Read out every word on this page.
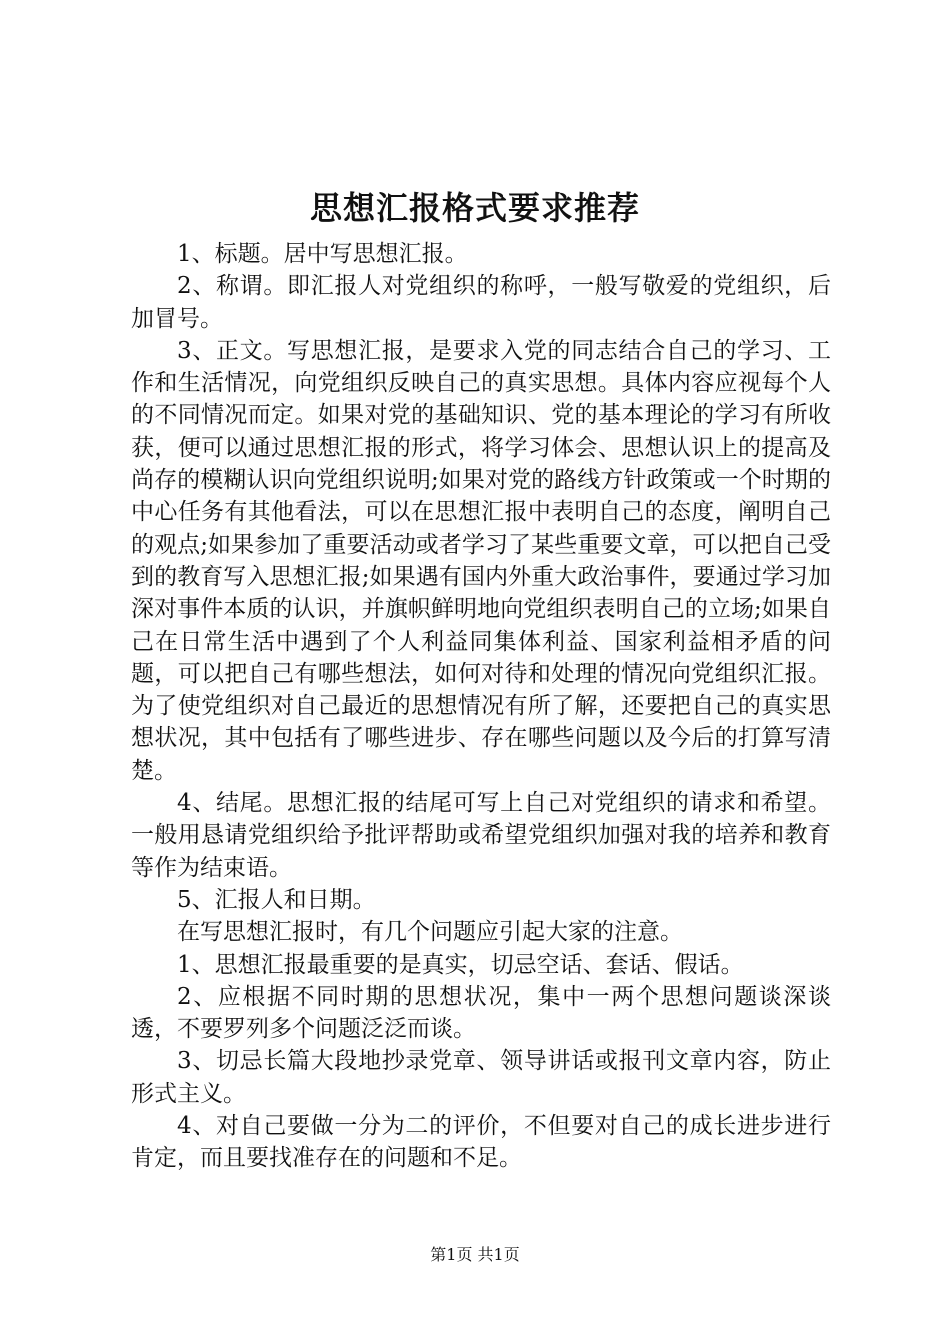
思想汇报格式要求推荐

1、标题。居中写思想汇报。

2、称谓。即汇报人对党组织的称呼，一般写敬爱的党组织，后加冒号。

3、正文。写思想汇报，是要求入党的同志结合自己的学习、工作和生活情况，向党组织反映自己的真实思想。具体内容应视每个人的不同情况而定。如果对党的基础知识、党的基本理论的学习有所收获，便可以通过思想汇报的形式，将学习体会、思想认识上的提高及尚存的模糊认识向党组织说明;如果对党的路线方针政策或一个时期的中心任务有其他看法，可以在思想汇报中表明自己的态度，阐明自己的观点;如果参加了重要活动或者学习了某些重要文章，可以把自己受到的教育写入思想汇报;如果遇有国内外重大政治事件，要通过学习加深对事件本质的认识，并旗帜鲜明地向党组织表明自己的立场;如果自己在日常生活中遇到了个人利益同集体利益、国家利益相矛盾的问题，可以把自己有哪些想法，如何对待和处理的情况向党组织汇报。为了使党组织对自己最近的思想情况有所了解，还要把自己的真实思想状况，其中包括有了哪些进步、存在哪些问题以及今后的打算写清楚。

4、结尾。思想汇报的结尾可写上自己对党组织的请求和希望。一般用恳请党组织给予批评帮助或希望党组织加强对我的培养和教育等作为结束语。

5、汇报人和日期。

在写思想汇报时，有几个问题应引起大家的注意。

1、思想汇报最重要的是真实，切忌空话、套话、假话。

2、应根据不同时期的思想状况，集中一两个思想问题谈深谈透，不要罗列多个问题泛泛而谈。

3、切忌长篇大段地抄录党章、领导讲话或报刊文章内容，防止形式主义。

4、对自己要做一分为二的评价，不但要对自己的成长进步进行肯定，而且要找准存在的问题和不足。

第1页 共1页
